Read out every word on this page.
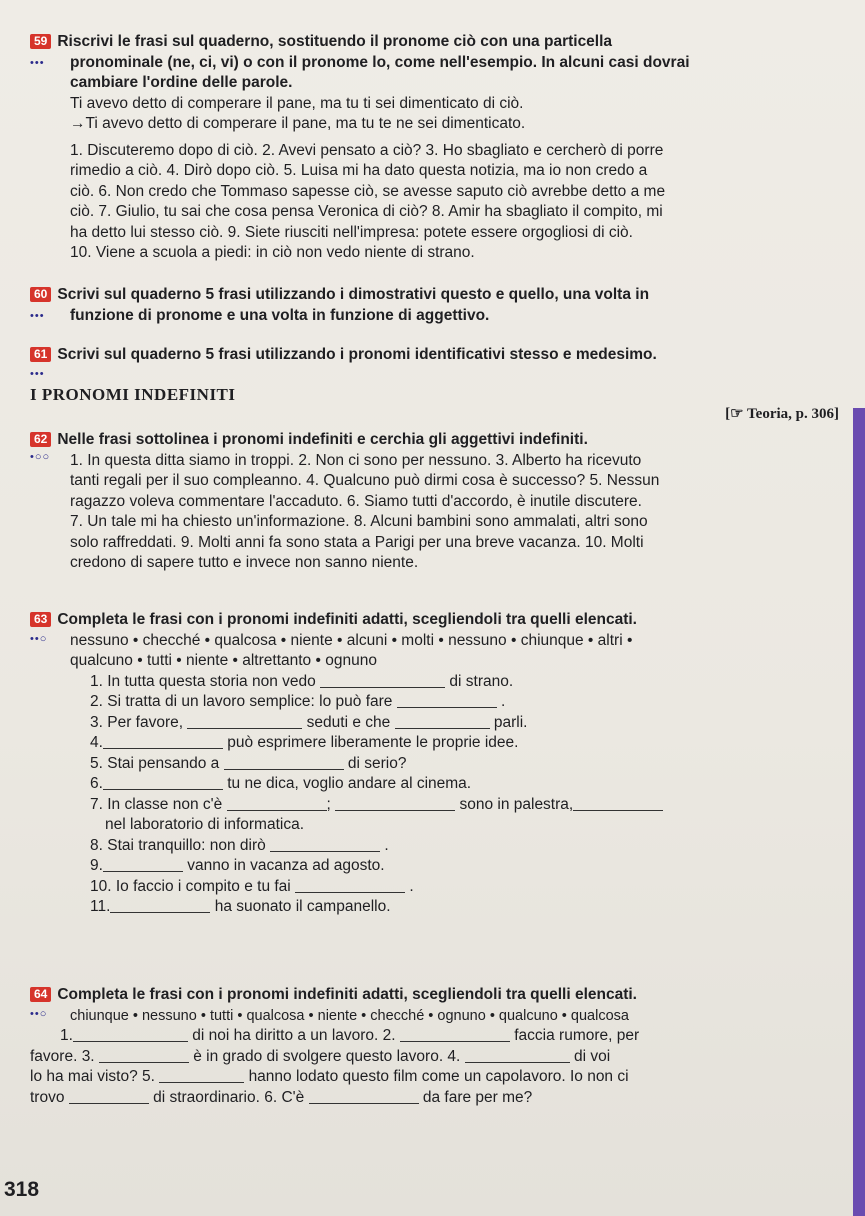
59 Riscrivi le frasi sul quaderno, sostituendo il pronome ciò con una particella

•••	pronominale (ne, ci, vi) o con il pronome lo, come nell'esempio. In alcuni casi dovrai

cambiare l'ordine delle parole.

Ti avevo detto di comperare il pane, ma tu ti sei dimenticato di ciò.

→Ti avevo detto di comperare il pane, ma tu te ne sei dimenticato.

1. Discuteremo dopo di ciò. 2. Avevi pensato a ciò? 3. Ho sbagliato e cercherò di porre

rimedio a ciò. 4. Dirò dopo ciò. 5. Luisa mi ha dato questa notizia, ma io non credo a

ciò. 6. Non credo che Tommaso sapesse ciò, se avesse saputo ciò avrebbe detto a me

ciò. 7. Giulio, tu sai che cosa pensa Veronica di ciò? 8. Amir ha sbagliato il compito, mi

ha detto lui stesso ciò. 9. Siete riusciti nell'impresa: potete essere orgogliosi di ciò.

10. Viene a scuola a piedi: in ciò non vedo niente di strano.

60 Scrivi sul quaderno 5 frasi utilizzando i dimostrativi questo e quello, una volta in

•••	funzione di pronome e una volta in funzione di aggettivo.

61 Scrivi sul quaderno 5 frasi utilizzando i pronomi identificativi stesso e medesimo.

•••
I PRONOMI INDEFINITI
[☞ Teoria, p. 306]

62 Nelle frasi sottolinea i pronomi indefiniti e cerchia gli aggettivi indefiniti.

•○○	1. In questa ditta siamo in troppi. 2. Non ci sono per nessuno. 3. Alberto ha ricevuto

tanti regali per il suo compleanno. 4. Qualcuno può dirmi cosa è successo? 5. Nessun

ragazzo voleva commentare l'accaduto. 6. Siamo tutti d'accordo, è inutile discutere.

7. Un tale mi ha chiesto un'informazione. 8. Alcuni bambini sono ammalati, altri sono

solo raffreddati. 9. Molti anni fa sono stata a Parigi per una breve vacanza. 10. Molti

credono di sapere tutto e invece non sanno niente.

63 Completa le frasi con i pronomi indefiniti adatti, scegliendoli tra quelli elencati.

••○	nessuno • checché • qualcosa • niente • alcuni • molti • nessuno • chiunque • altri •

qualcuno • tutti • niente • altrettanto • ognuno

1. In tutta questa storia non vedo	di strano.

2. Si tratta di un lavoro semplice: lo può fare	.

3. Per favore,	seduti e che	parli.

4.	può esprimere liberamente le proprie idee.

5. Stai pensando a	di serio?

6.	tu ne dica, voglio andare al cinema.

7. In classe non c'è	;	sono in palestra,

nel laboratorio di informatica.

8. Stai tranquillo: non dirò	.

9.	vanno in vacanza ad agosto.

10. Io faccio i compito e tu fai	.

11.	ha suonato il campanello.

64 Completa le frasi con i pronomi indefiniti adatti, scegliendoli tra quelli elencati.

••○	chiunque • nessuno • tutti • qualcosa • niente • checché • ognuno • qualcuno • qualcosa

1.	di noi ha diritto a un lavoro. 2.	faccia rumore, per

favore. 3.	è in grado di svolgere questo lavoro. 4.	di voi

lo ha mai visto? 5.	hanno lodato questo film come un capolavoro. Io non ci

trovo	di straordinario. 6. C'è	da fare per me?

318
